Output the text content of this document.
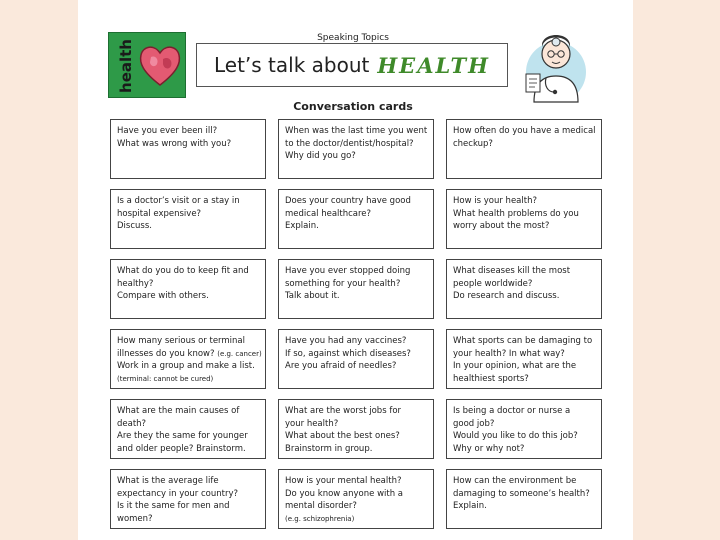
health
Speaking Topics
Let’s talk about HEALTH
Conversation cards
Have you ever been ill?
What was wrong with you?
When was the last time you went
to the doctor/dentist/hospital?
Why did you go?
How often do you have a medical
checkup?
Is a doctor’s visit or a stay in
hospital expensive?
Discuss.
Does your country have good
medical healthcare?
Explain.
How is your health?
What health problems do you
worry about the most?
What do you do to keep fit and
healthy?
Compare with others.
Have you ever stopped doing
something for your health?
Talk about it.
What diseases kill the most
people worldwide?
Do research and discuss.
How many serious or terminal
illnesses do you know? (e.g. cancer)
Work in a group and make a list.
(terminal: cannot be cured)
Have you had any vaccines?
If so, against which diseases?
Are you afraid of needles?
What sports can be damaging to
your health? In what way?
In your opinion, what are the
healthiest sports?
What are the main causes of
death?
Are they the same for younger
and older people? Brainstorm.
What are the worst jobs for
your health?
What about the best ones?
Brainstorm in group.
Is being a doctor or nurse a
good job?
Would you like to do this job?
Why or why not?
What is the average life
expectancy in your country?
Is it the same for men and
women?
How is your mental health?
Do you know anyone with a
mental disorder?
(e.g. schizophrenia)
How can the environment be
damaging to someone’s health?
Explain.
